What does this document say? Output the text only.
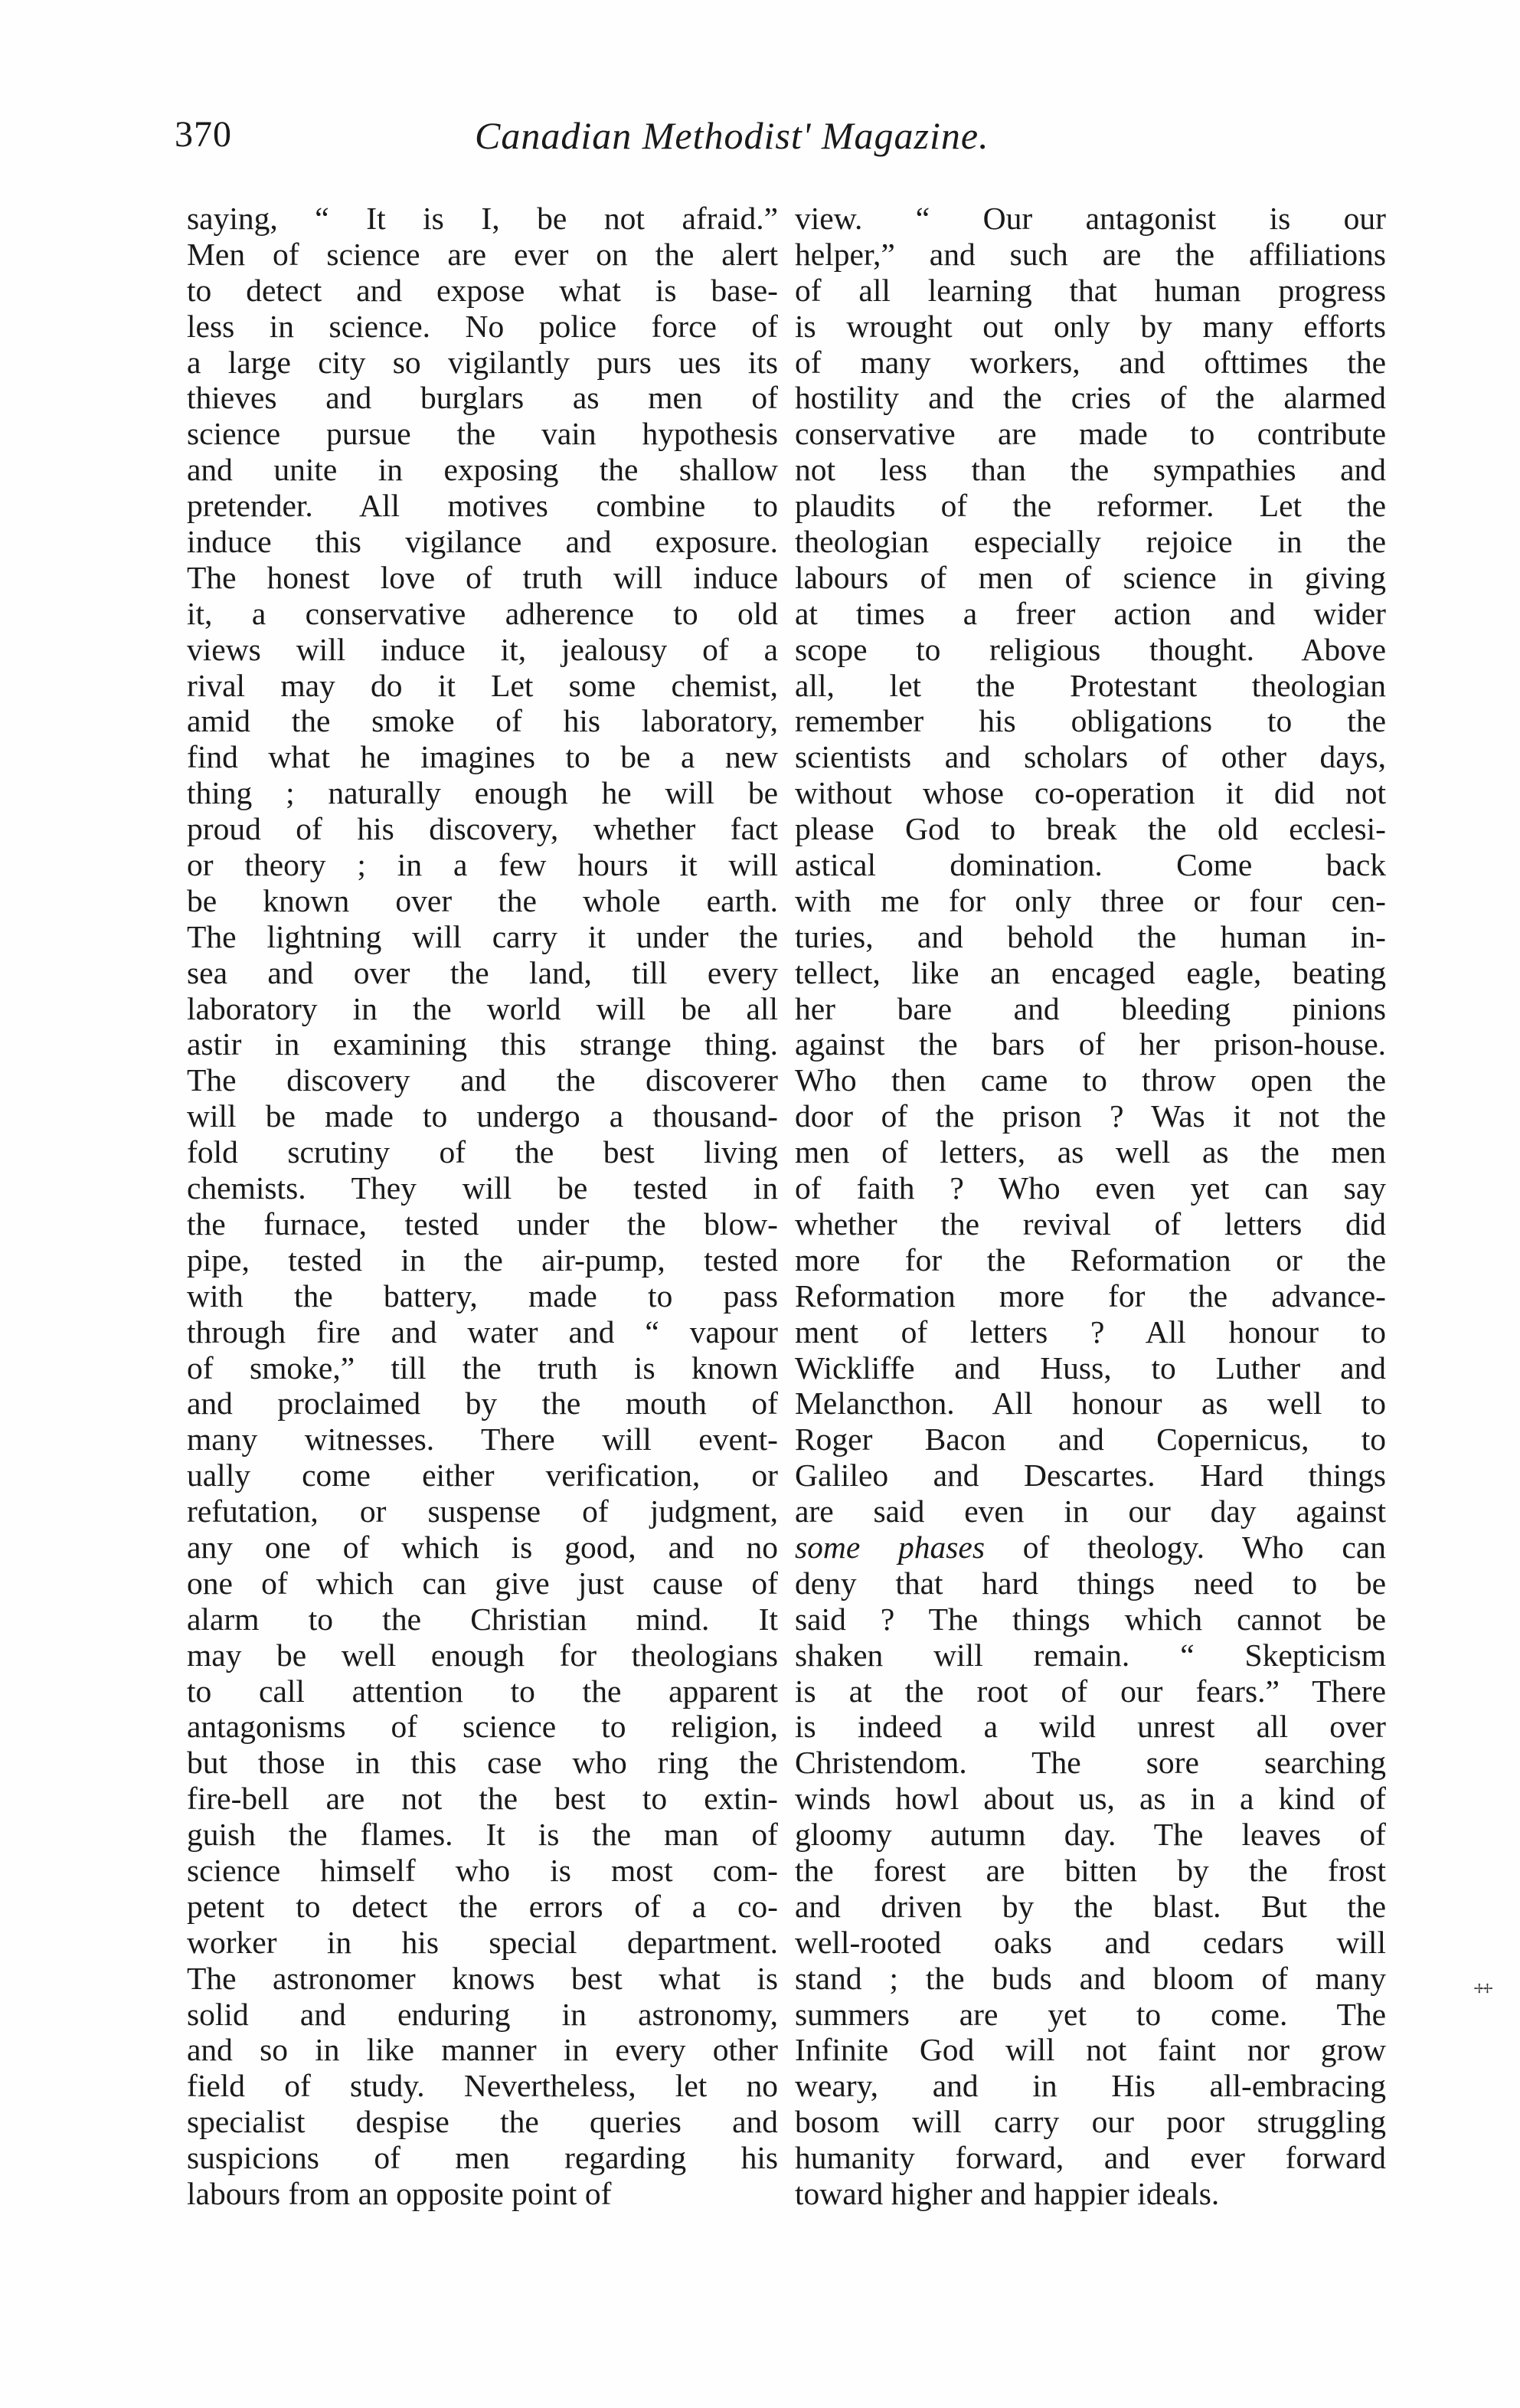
370	Canadian Methodist' Magazine.
saying, “ It is I, be not afraid.”
Men of science are ever on the alert
to detect and expose what is base-
less in science. No police force of
a large city so vigilantly purs ues its
thieves and burglars as men of
science pursue the vain hypothesis
and unite in exposing the shallow
pretender. All motives combine to
induce this vigilance and exposure.
The honest love of truth will induce
it, a conservative adherence to old
views will induce it, jealousy of a
rival may do it Let some chemist,
amid the smoke of his laboratory,
find what he imagines to be a new
thing ; naturally enough he will be
proud of his discovery, whether fact
or theory ; in a few hours it will
be known over the whole earth.
The lightning will carry it under the
sea and over the land, till every
laboratory in the world will be all
astir in examining this strange thing.
The discovery and the discoverer
will be made to undergo a thousand-
fold scrutiny of the best living
chemists. They will be tested in
the furnace, tested under the blow-
pipe, tested in the air-pump, tested
with the battery, made to pass
through fire and water and “ vapour
of smoke,” till the truth is known
and proclaimed by the mouth of
many witnesses. There will event-
ually come either verification, or
refutation, or suspense of judgment,
any one of which is good, and no
one of which can give just cause of
alarm to the Christian mind. It
may be well enough for theologians
to call attention to the apparent
antagonisms of science to religion,
but those in this case who ring the
fire-bell are not the best to extin-
guish the flames. It is the man of
science himself who is most com-
petent to detect the errors of a co-
worker in his special department.
The astronomer knows best what is
solid and enduring in astronomy,
and so in like manner in every other
field of study. Nevertheless, let no
specialist despise the queries and
suspicions of men regarding his
labours from an opposite point of
view. “ Our antagonist is our
helper,” and such are the affiliations
of all learning that human progress
is wrought out only by many efforts
of many workers, and ofttimes the
hostility and the cries of the alarmed
conservative are made to contribute
not less than the sympathies and
plaudits of the reformer. Let the
theologian especially rejoice in the
labours of men of science in giving
at times a freer action and wider
scope to religious thought. Above
all, let the Protestant theologian
remember his obligations to the
scientists and scholars of other days,
without whose co-operation it did not
please God to break the old ecclesi-
astical domination. Come back
with me for only three or four cen-
turies, and behold the human in-
tellect, like an encaged eagle, beating
her bare and bleeding pinions
against the bars of her prison-house.
Who then came to throw open the
door of the prison ? Was it not the
men of letters, as well as the men
of faith ? Who even yet can say
whether the revival of letters did
more for the Reformation or the
Reformation more for the advance-
ment of letters ? All honour to
Wickliffe and Huss, to Luther and
Melancthon. All honour as well to
Roger Bacon and Copernicus, to
Galileo and Descartes. Hard things
are said even in our day against
some phases of theology. Who can
deny that hard things need to be
said ? The things which cannot be
shaken will remain. “ Skepticism
is at the root of our fears.” There
is indeed a wild unrest all over
Christendom. The sore searching
winds howl about us, as in a kind of
gloomy autumn day. The leaves of
the forest are bitten by the frost
and driven by the blast. But the
well-rooted oaks and cedars will
stand ; the buds and bloom of many
summers are yet to come. The
Infinite God will not faint nor grow
weary, and in His all-embracing
bosom will carry our poor struggling
humanity forward, and ever forward
toward higher and happier ideals.
‡
